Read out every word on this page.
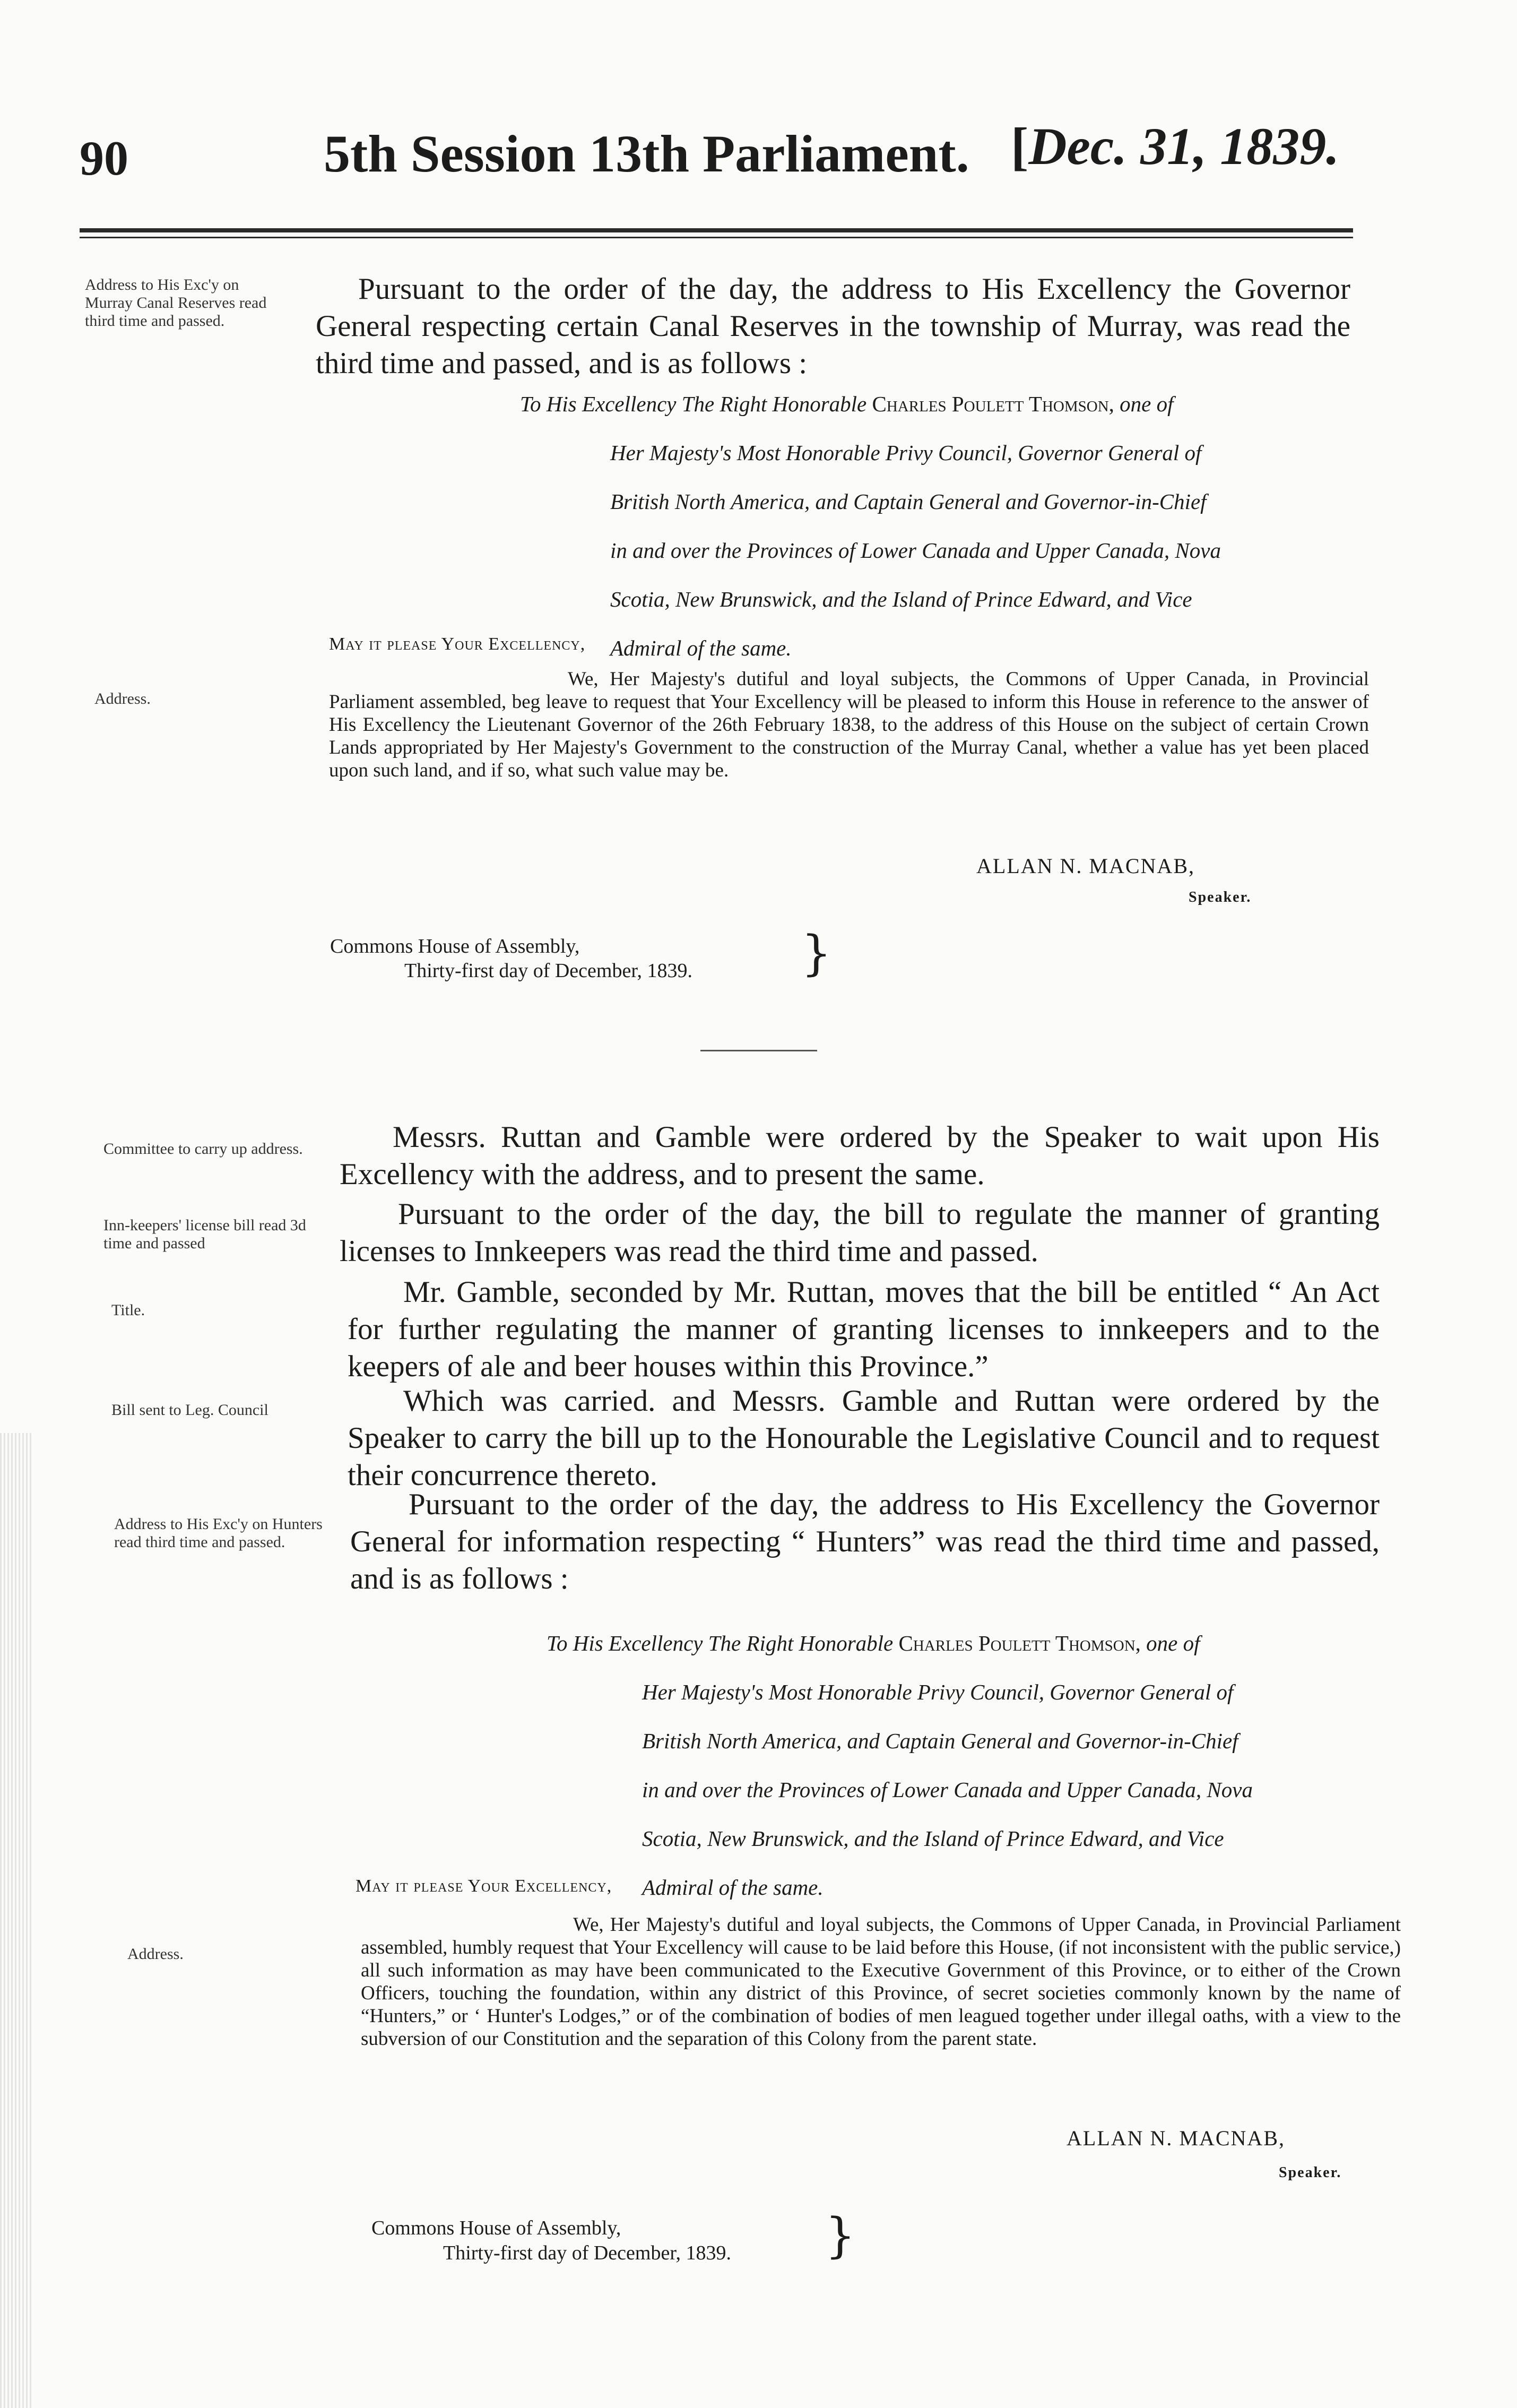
90	5th Session 13th Parliament. [Dec. 31, 1839.
Address to His Exc'y on Murray Canal Reserves read third time and passed.
Pursuant to the order of the day, the address to His Excellency the Governor General respecting certain Canal Reserves in the township of Murray, was read the third time and passed, and is as follows :
To His Excellency The Right Honorable Charles Poulett Thomson, one of
Her Majesty's Most Honorable Privy Council, Governor General of
British North America, and Captain General and Governor-in-Chief
in and over the Provinces of Lower Canada and Upper Canada, Nova
Scotia, New Brunswick, and the Island of Prince Edward, and Vice
Admiral of the same.
May it please Your Excellency,
Address.
We, Her Majesty's dutiful and loyal subjects, the Commons of Upper Canada, in Provincial Parliament assembled, beg leave to request that Your Excellency will be pleased to inform this House in reference to the answer of His Excellency the Lieutenant Governor of the 26th February 1838, to the address of this House on the subject of certain Crown Lands appropriated by Her Majesty's Government to the construction of the Murray Canal, whether a value has yet been placed upon such land, and if so, what such value may be.
ALLAN N. MACNAB,
Speaker.
Commons House of Assembly,
Thirty-first day of December, 1839. }
Committee to carry up address.	Messrs. Ruttan and Gamble were ordered by the Speaker to wait upon His Excellency with the address, and to present the same.
Inn-keepers' license bill read 3d time and passed
Pursuant to the order of the day, the bill to regulate the manner of granting licenses to Innkeepers was read the third time and passed.
Title.
Mr. Gamble, seconded by Mr. Ruttan, moves that the bill be entitled “ An Act for further regulating the manner of granting licenses to innkeepers and to the keepers of ale and beer houses within this Province.”
Bill sent to Leg. Council	Which was carried. and Messrs. Gamble and Ruttan were ordered by the Speaker to carry the bill up to the Honourable the Legislative Council and to request their concurrence thereto.
Address to His Exc'y on Hunters read third time and passed.
Pursuant to the order of the day, the address to His Excellency the Governor General for information respecting “ Hunters” was read the third time and passed, and is as follows :
To His Excellency The Right Honorable Charles Poulett Thomson, one of
Her Majesty's Most Honorable Privy Council, Governor General of
British North America, and Captain General and Governor-in-Chief
in and over the Provinces of Lower Canada and Upper Canada, Nova
Scotia, New Brunswick, and the Island of Prince Edward, and Vice
Admiral of the same.
May it please Your Excellency,
Address.
We, Her Majesty's dutiful and loyal subjects, the Commons of Upper Canada, in Provincial Parliament assembled, humbly request that Your Excellency will cause to be laid before this House, (if not inconsistent with the public service,) all such information as may have been communicated to the Executive Government of this Province, or to either of the Crown Officers, touching the foundation, within any district of this Province, of secret societies commonly known by the name of “Hunters,” or ‘ Hunter's Lodges,” or of the combination of bodies of men leagued together under illegal oaths, with a view to the subversion of our Constitution and the separation of this Colony from the parent state.
ALLAN N. MACNAB,
Speaker.
Commons House of Assembly,
Thirty-first day of December, 1839. }
